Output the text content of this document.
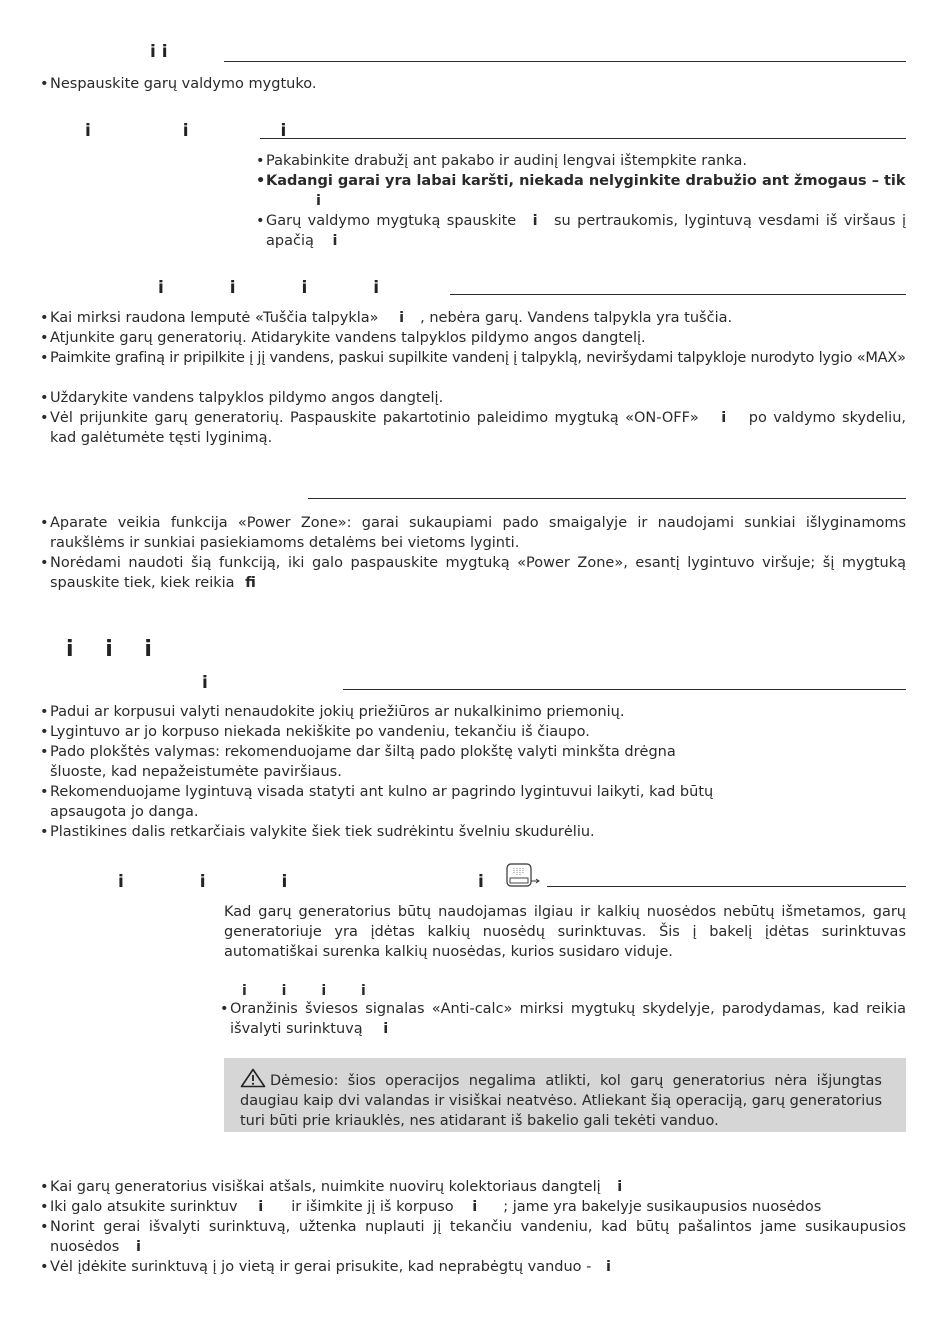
i i
• Nespauskite garų valdymo mygtuko.
i i i
• Pakabinkite drabužį ant pakabo ir audinį lengvai ištempkite ranka.
• Kadangi garai yra labai karšti, niekada nelyginkite drabužio ant žmogaus – tik
i
• Garų valdymo mygtuką spauskite i su pertraukomis, lygintuvą vesdami iš viršaus į apačią i
i i i i
• Kai mirksi raudona lemputė «Tuščia talpykla» i , nebėra garų. Vandens talpykla yra tuščia.
• Atjunkite garų generatorių. Atidarykite vandens talpyklos pildymo angos dangtelį.
• Paimkite grafiną ir pripilkite į jį vandens, paskui supilkite vandenį į talpyklą, neviršydami talpykloje nurodyto lygio «MAX»
• Uždarykite vandens talpyklos pildymo angos dangtelį.
• Vėl prijunkite garų generatorių. Paspauskite pakartotinio paleidimo mygtuką «ON-OFF» i po valdymo skydeliu, kad galėtumėte tęsti lyginimą.
• Aparate veikia funkcija «Power Zone»: garai sukaupiami pado smaigalyje ir naudojami sunkiai išlyginamoms raukšlėms ir sunkiai pasiekiamoms detalėms bei vietoms lyginti.
• Norėdami naudoti šią funkciją, iki galo paspauskite mygtuką «Power Zone», esantį lygintuvo viršuje; šį mygtuką spauskite tiek, kiek reikia fi
i i i
i
• Padui ar korpusui valyti nenaudokite jokių priežiūros ar nukalkinimo priemonių.
• Lygintuvo ar jo korpuso niekada nekiškite po vandeniu, tekančiu iš čiaupo.
• Pado plokštės valymas: rekomenduojame dar šiltą pado plokštę valyti minkšta drėgna šluoste, kad nepažeistumėte paviršiaus.
• Rekomenduojame lygintuvą visada statyti ant kulno ar pagrindo lygintuvui laikyti, kad būtų apsaugota jo danga.
• Plastikines dalis retkarčiais valykite šiek tiek sudrėkintu švelniu skudurėliu.
i i i	i

Kad garų generatorius būtų naudojamas ilgiau ir kalkių nuosėdos nebūtų išmetamos, garų generatoriuje yra įdėtas kalkių nuosėdų surinktuvas. Šis į bakelį įdėtas surinktuvas automatiškai surenka kalkių nuosėdas, kurios susidaro viduje.

i i i i
• Oranžinis šviesos signalas «Anti-calc» mirksi mygtukų skydelyje, parodydamas, kad reikia išvalyti surinktuvą i
Dėmesio: šios operacijos negalima atlikti, kol garų generatorius nėra išjungtas daugiau kaip dvi valandas ir visiškai neatvėso. Atliekant šią operaciją, garų generatorius turi būti prie kriauklės, nes atidarant iš bakelio gali tekėti vanduo.
• Kai garų generatorius visiškai atšals, nuimkite nuovirų kolektoriaus dangtelį i
• Iki galo atsukite surinktuv i ir išimkite jį iš korpuso i ; jame yra bakelyje susikaupusios nuosėdos
• Norint gerai išvalyti surinktuvą, užtenka nuplauti jį tekančiu vandeniu, kad būtų pašalintos jame susikaupusios nuosėdos i
• Vėl įdėkite surinktuvą į jo vietą ir gerai prisukite, kad neprabėgtų vanduo - i
